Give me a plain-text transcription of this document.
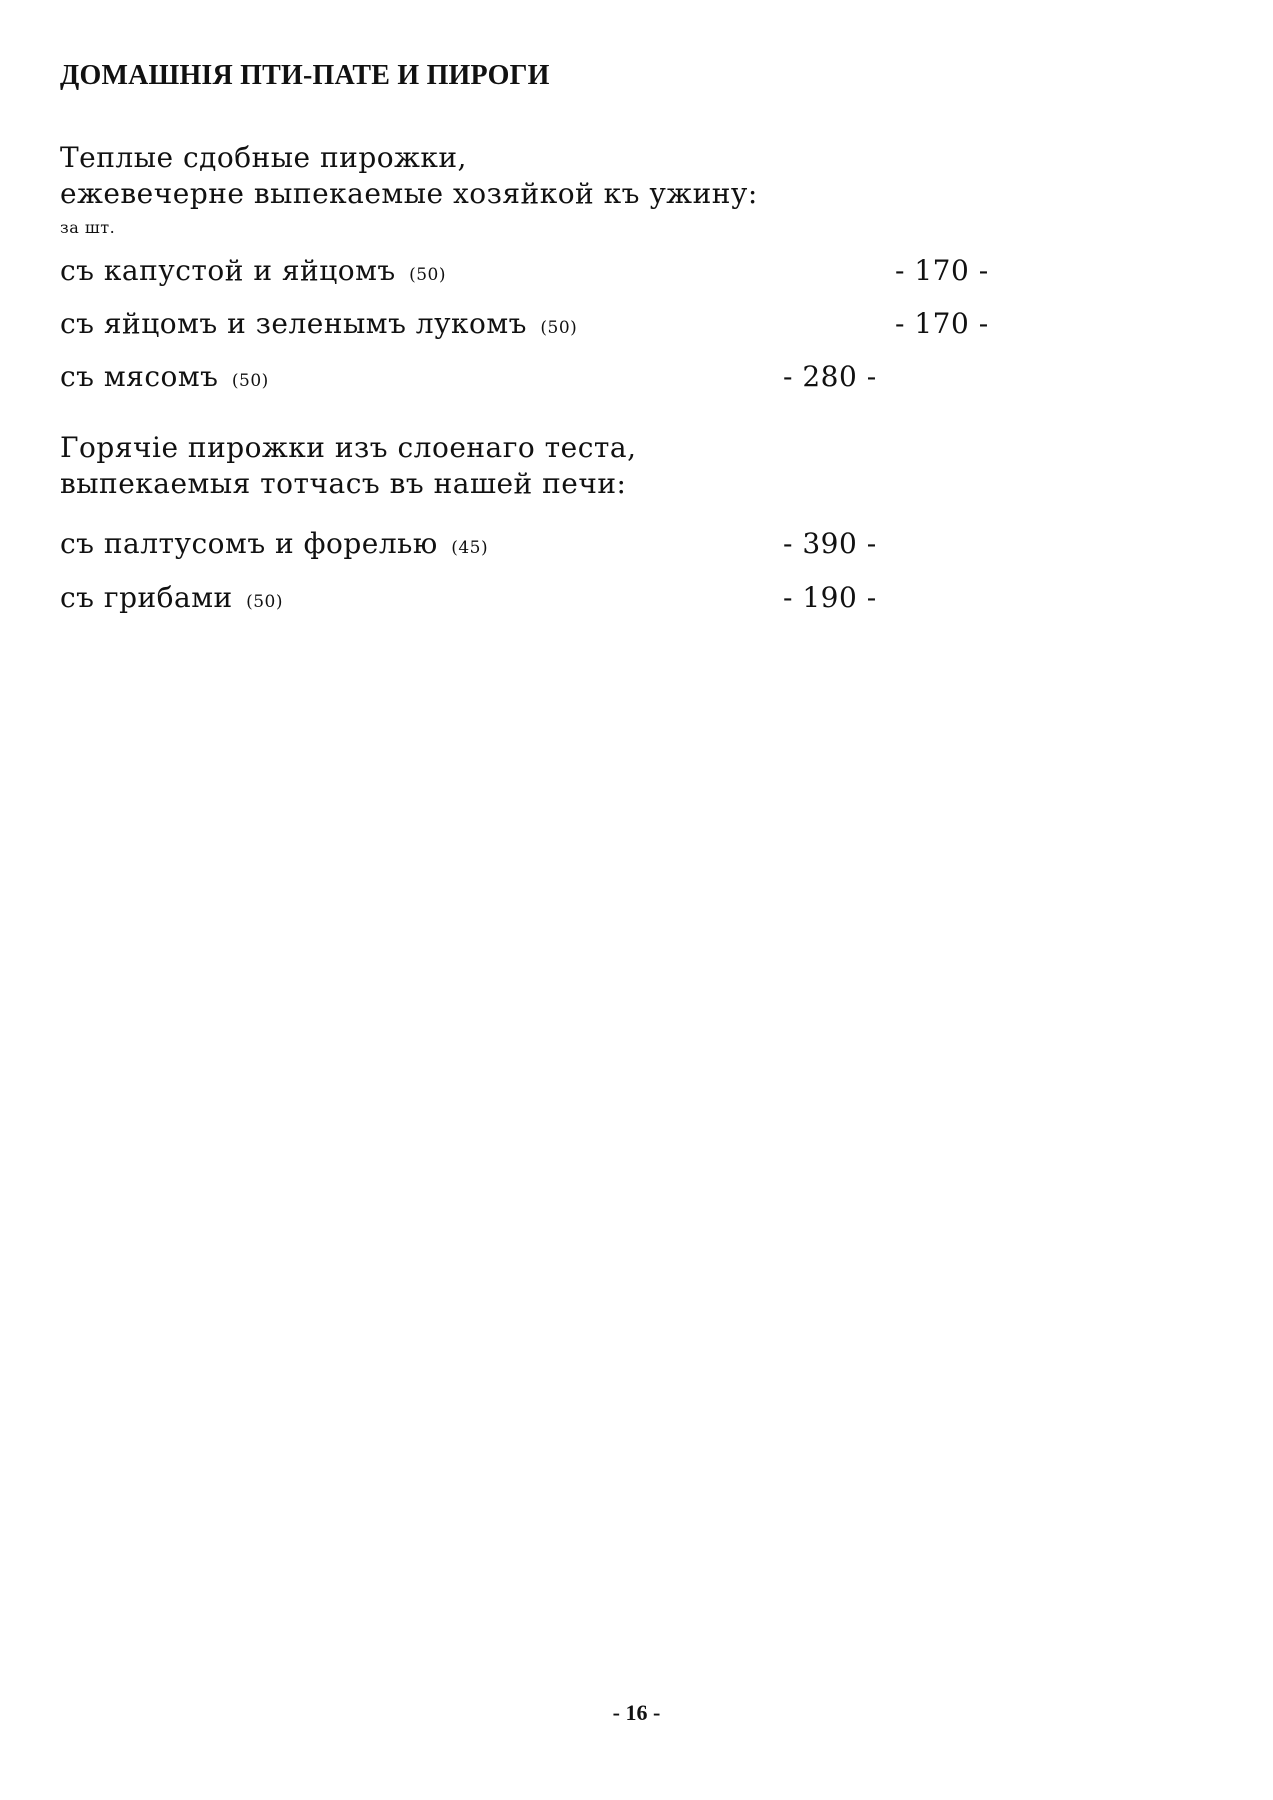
ДОМАШНІЯ ПТИ-ПАТЕ И ПИРОГИ
Теплые сдобные пирожки,
ежевечерне выпекаемые хозяйкой къ ужину:
за шт.
съ капустой и яйцомъ (50)	- 170 -
съ яйцомъ и зеленымъ лукомъ (50)	- 170 -
съ мясомъ (50)	- 280 -
Горячіе пирожки изъ слоенаго теста,
выпекаемыя тотчасъ въ нашей печи:
съ палтусомъ и форелью (45)	- 390 -
съ грибами (50)	- 190 -
- 16 -
